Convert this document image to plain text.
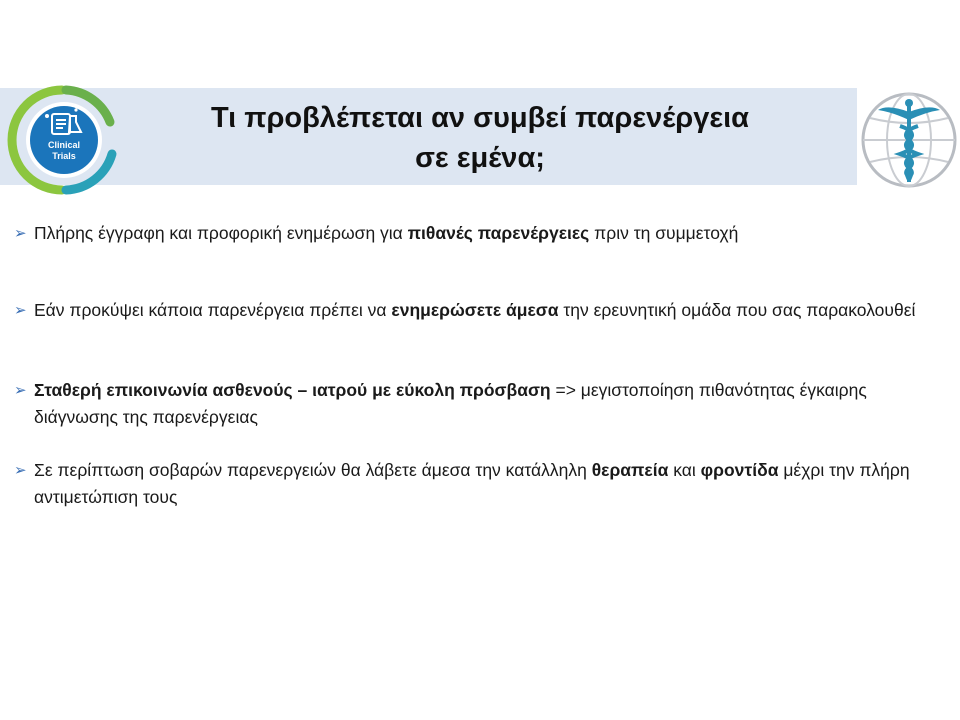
Clinical
Trials
Τι προβλέπεται αν συμβεί παρενέργεια
σε εμένα;
➢ Πλήρης έγγραφη και προφορική ενημέρωση για πιθανές παρενέργειες πριν τη συμμετοχή
➢ Εάν προκύψει κάποια παρενέργεια πρέπει να ενημερώσετε άμεσα την ερευνητική ομάδα που σας παρακολουθεί
➢ Σταθερή επικοινωνία ασθενούς – ιατρού με εύκολη πρόσβαση => μεγιστοποίηση πιθανότητας έγκαιρης διάγνωσης της παρενέργειας
➢ Σε περίπτωση σοβαρών παρενεργειών θα λάβετε άμεσα την κατάλληλη θεραπεία και φροντίδα μέχρι την πλήρη αντιμετώπιση τους
